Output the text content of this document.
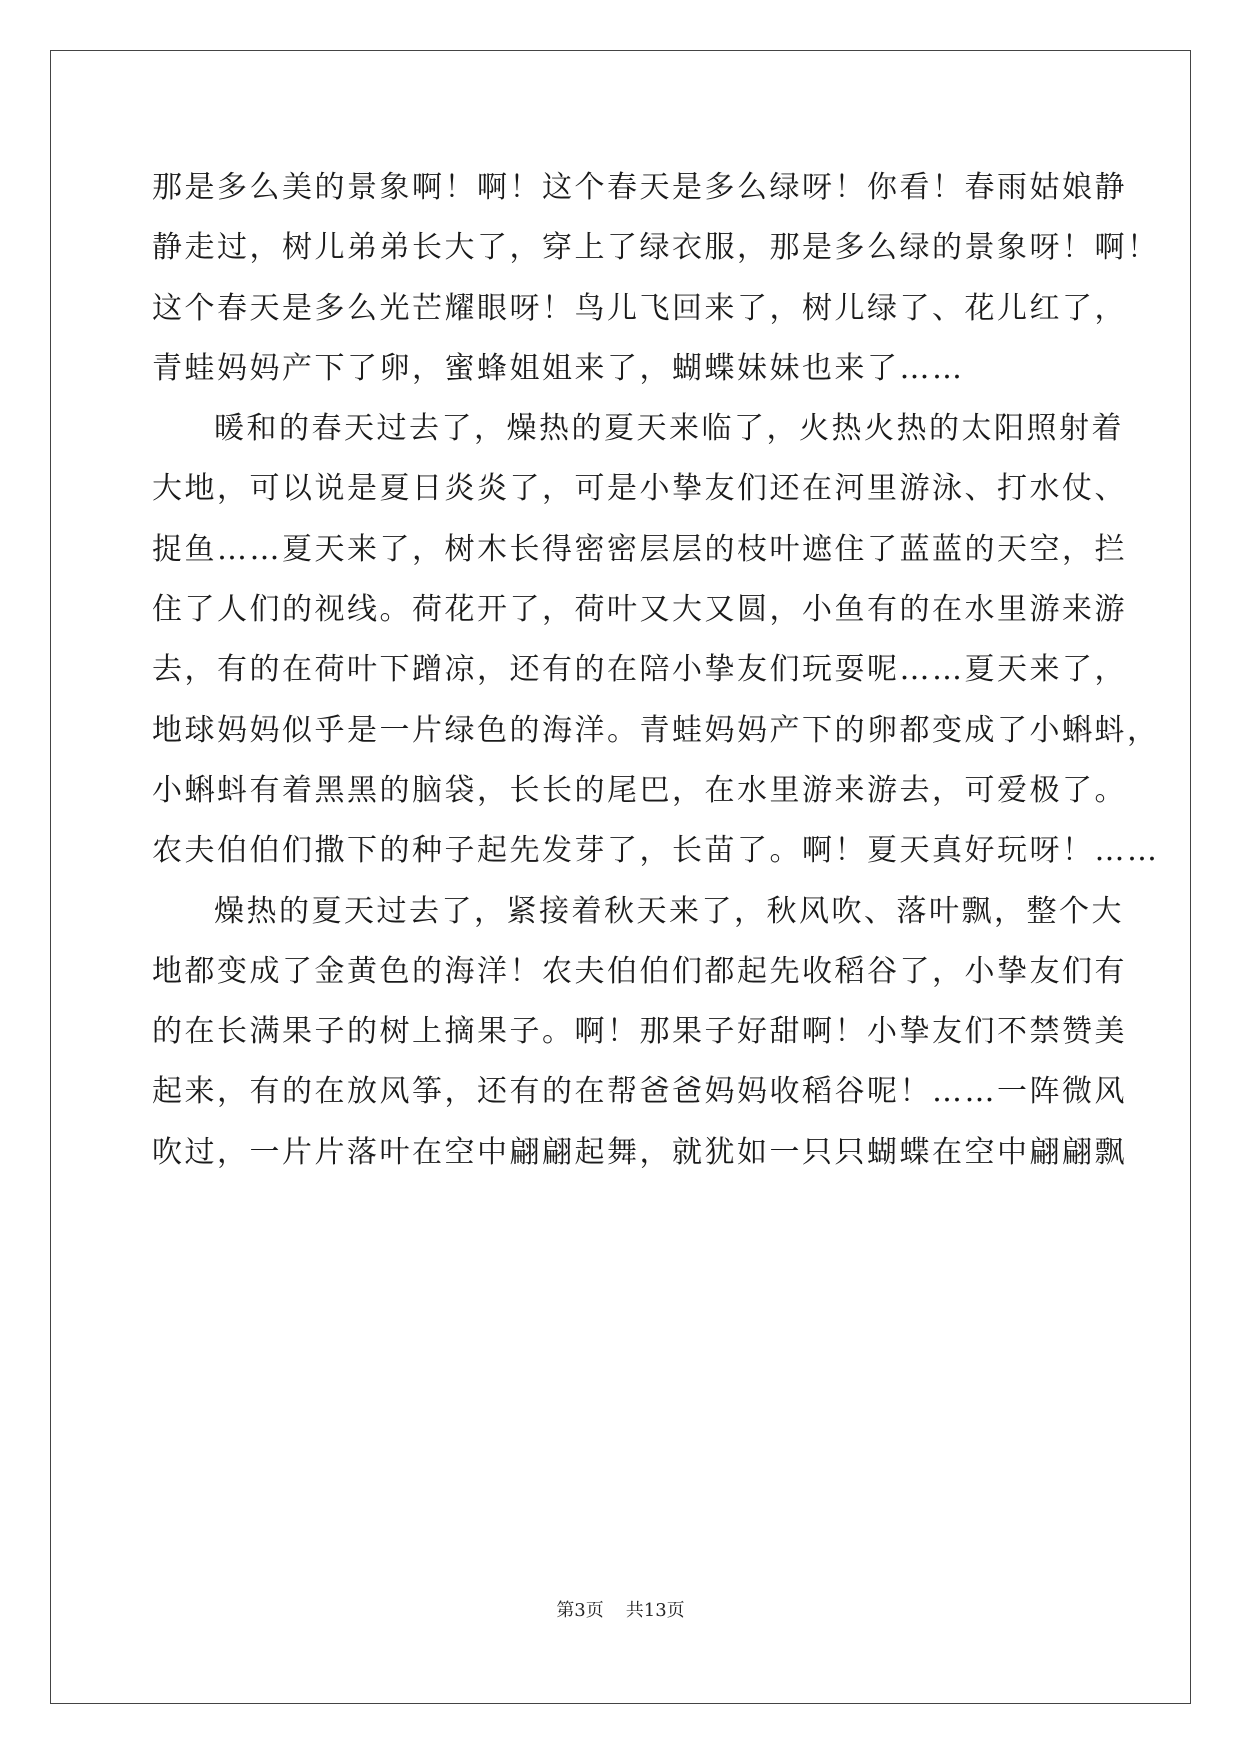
那是多么美的景象啊！啊！这个春天是多么绿呀！你看！春雨姑娘静
静走过，树儿弟弟长大了，穿上了绿衣服，那是多么绿的景象呀！啊！
这个春天是多么光芒耀眼呀！鸟儿飞回来了，树儿绿了、花儿红了，
青蛙妈妈产下了卵，蜜蜂姐姐来了，蝴蝶妹妹也来了……
暖和的春天过去了，燥热的夏天来临了，火热火热的太阳照射着
大地，可以说是夏日炎炎了，可是小挚友们还在河里游泳、打水仗、
捉鱼……夏天来了，树木长得密密层层的枝叶遮住了蓝蓝的天空，拦
住了人们的视线。荷花开了，荷叶又大又圆，小鱼有的在水里游来游
去，有的在荷叶下蹭凉，还有的在陪小挚友们玩耍呢……夏天来了，
地球妈妈似乎是一片绿色的海洋。青蛙妈妈产下的卵都变成了小蝌蚪，
小蝌蚪有着黑黑的脑袋，长长的尾巴，在水里游来游去，可爱极了。
农夫伯伯们撒下的种子起先发芽了，长苗了。啊！夏天真好玩呀！……
燥热的夏天过去了，紧接着秋天来了，秋风吹、落叶飘，整个大
地都变成了金黄色的海洋！农夫伯伯们都起先收稻谷了，小挚友们有
的在长满果子的树上摘果子。啊！那果子好甜啊！小挚友们不禁赞美
起来，有的在放风筝，还有的在帮爸爸妈妈收稻谷呢！……一阵微风
吹过，一片片落叶在空中翩翩起舞，就犹如一只只蝴蝶在空中翩翩飘
第3页 共13页
